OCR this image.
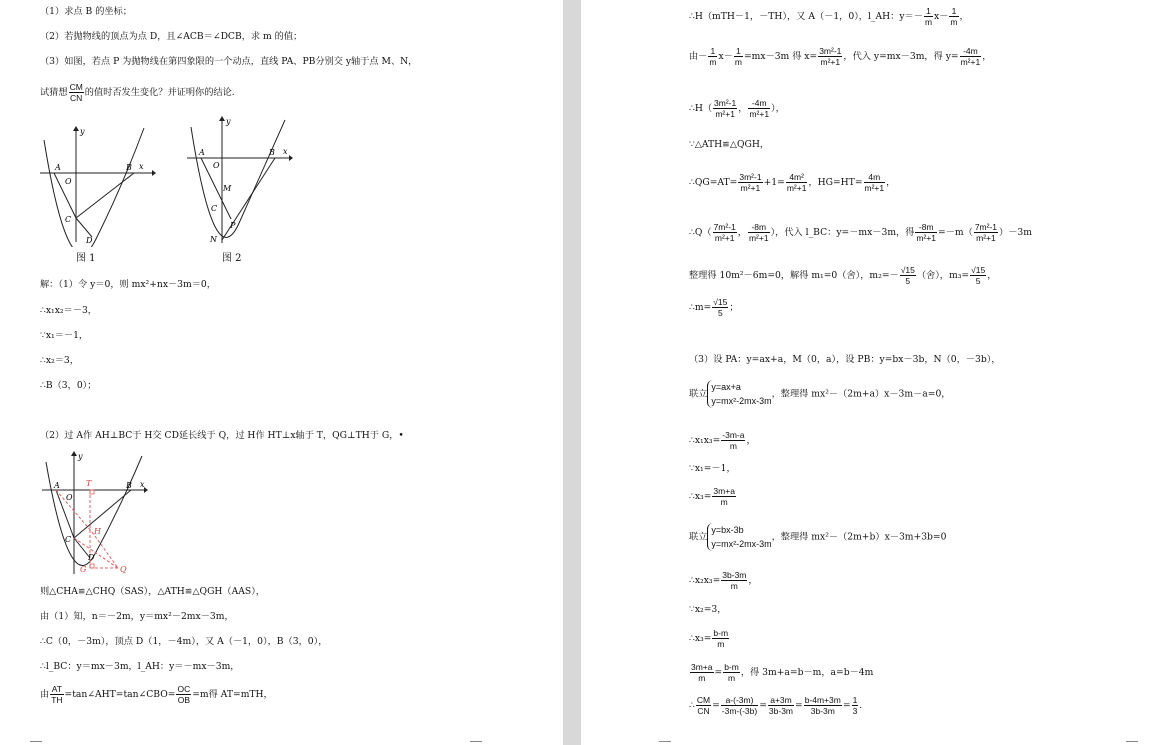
（1）求点 B 的坐标；
（2）若抛物线的顶点为点 D，且∠ACB＝∠DCB，求 m 的值；
（3）如图，若点 P 为抛物线在第四象限的一个动点，直线 PA、PB分别交 y轴于点 M、N，
试猜想 $\frac{CM}{CN}$ 的值时否发生变化？并证明你的结论.
y
x
A	B
O
C
D
图 1
y
x
A	B
O
M
C
P
N
图 2
解：（1）令 y＝0，则 mx²+nx－3m＝0，
∴x₁x₂＝－3，
∵x₁＝－1，
∴x₂＝3，
∴B（3，0）；
（2）过 A作 AH⊥BC于 H交 CD延长线于 Q，过 H作 HT⊥x轴于 T，QG⊥TH于 G，•
y
x
A	B
O
T
H
C
D
G	Q
则△CHA≌△CHQ（SAS），△ATH≌△QGH（AAS），
由（1）知，n＝－2m，y＝mx²－2mx－3m，
∴C（0，－3m），顶点 D（1，－4m），又 A（－1，0），B（3，0），
∴l_BC：y＝mx－3m，l_AH：y＝－mx－3m，
由 $\frac{AT}{TH}$ =tan∠AHT=tan∠CBO= $\frac{OC}{OB} =m$得 AT=mTH，
∴H（mTH－1，－TH），又 A（－1，0），l_AH：$y=- \frac{1}{m} x- \frac{1}{m}$ ，
由－ $\frac{1}{m} x- \frac{1}{m} =mx-3m$ 得 $x= \frac{\text{3m²-1}}{\text{m²+1}}$ ，代入 y=mx－3m，得 $y= \frac{-4m}{\text{m²+1}}$ ，
∴H（ $\frac{\text{3m²-1}}{\text{m²+1}}$ ， $\frac{-4m}{\text{m²+1}}$ ），
∵△ATH≌△QGH，
∴QG=AT= $\frac{\text{3m²-1}}{\text{m²+1}} +1= \frac{\text{4m²}}{\text{m²+1}}$ ，$HG=HT= \frac{4m}{\text{m²+1}}$ ，
∴Q（ $\frac{\text{7m²-1}}{\text{m²+1}}$ ， $\frac{-8m}{\text{m²+1}}$ ），代入 l_BC：y=－mx－3m，得 $\frac{-8m}{\text{m²+1}} =-m( \frac{\text{7m²-1}}{\text{m²+1}} )-3m$
整理得 10m²－6m=0，解得 m₁=0（舍），$m_2=- \frac{√15}{5}$ （舍），$m_3= \frac{√15}{5}$ ，
∴m= $\frac{√15}{5}$ ；
（3）设 PA：y=ax+a，M（0，a），设 PB：y=bx－3b，N（0，－3b），
联立
y=ax+a
y=mx²-2mx-3m
，整理得 mx²－（2m+a）x－3m－a=0，
∴x₁x₃= $\frac{-3m-a}{m}$ ，
∵x₁=－1，
∴x₃= $\frac{3m+a}{m}$
联立
y=bx-3b
y=mx²-2mx-3m
，整理得 mx²－（2m+b）x－3m+3b=0
∴x₂x₃= $\frac{3b-3m}{m}$ ，
∵x₂=3，
∴x₃= $\frac{b-m}{m}$
$\frac{3m+a}{m} = \frac{b-m}{m}$ ，得 3m+a=b－m，a=b－4m
∴ $\frac{CM}{CN} = \frac{a-(-3m)}{-3m-(-3b)} = \frac{a+3m}{3b-3m} = \frac{b-4m+3m}{3b-3m} = \frac{1}{3}$ .
